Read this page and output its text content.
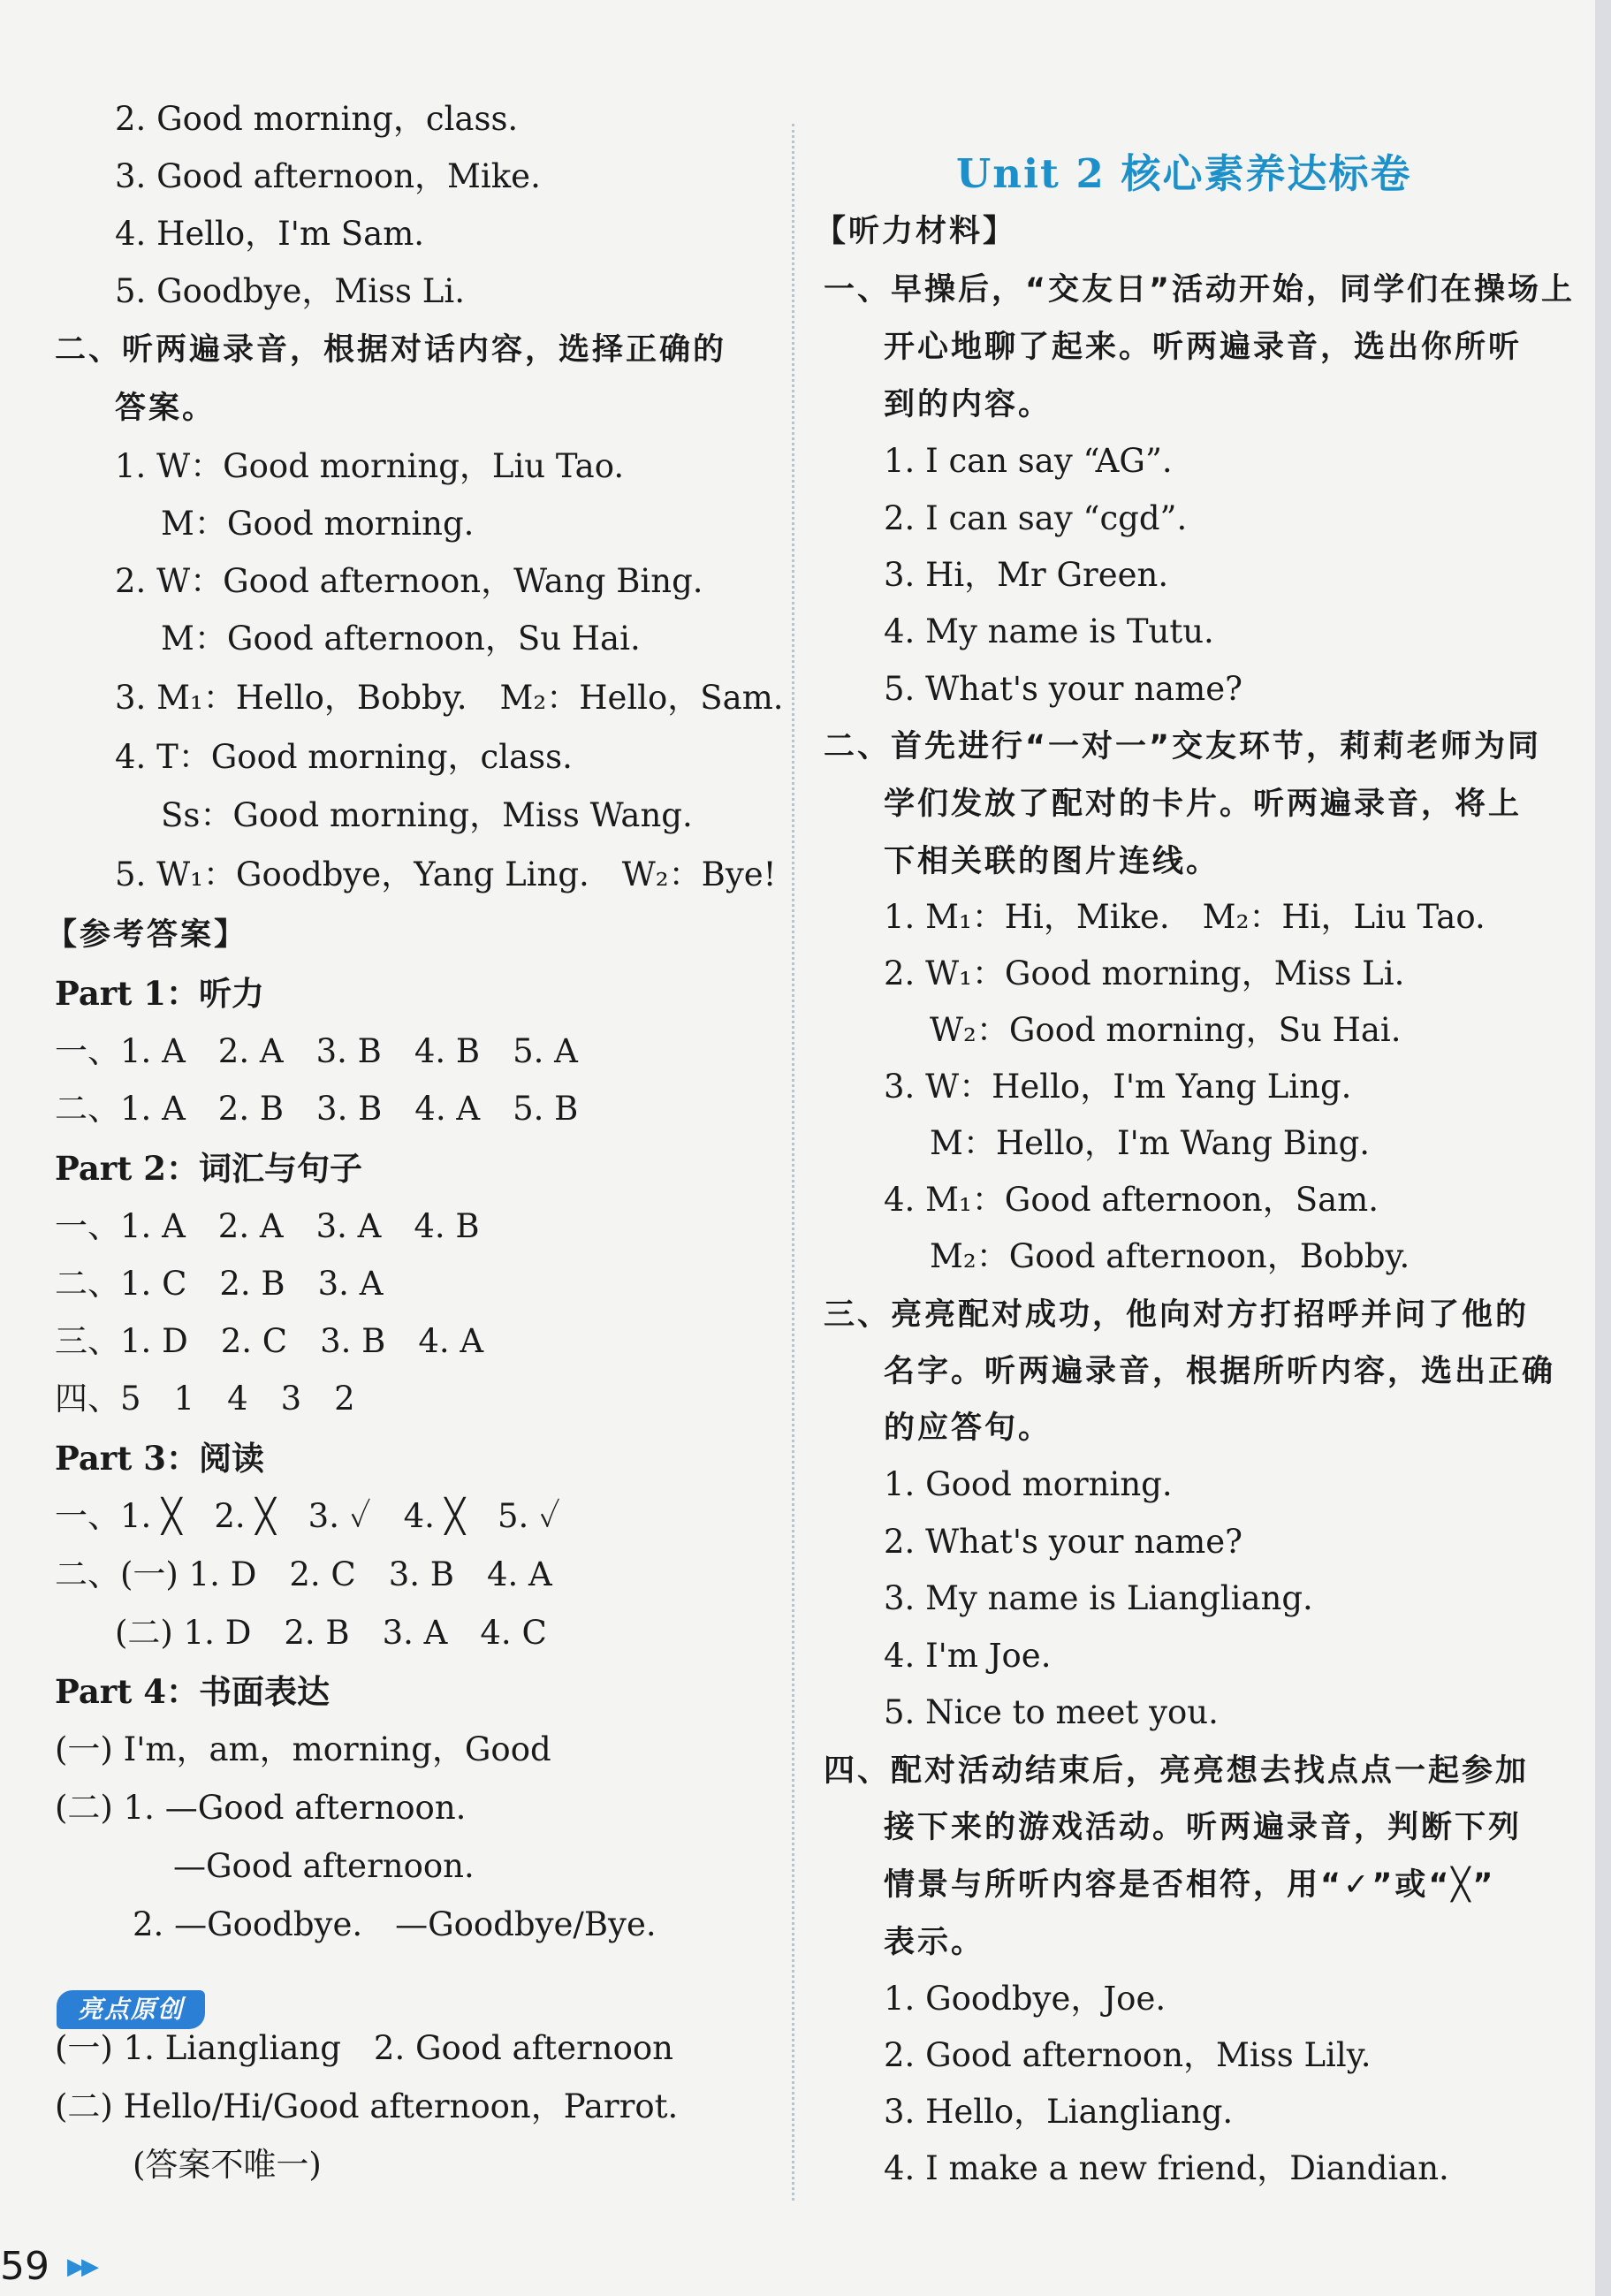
2. Good morning，class.
3. Good afternoon，Mike.
4. Hello，I'm Sam.
5. Goodbye，Miss Li.
二、听两遍录音，根据对话内容，选择正确的
答案。
1. W：Good morning，Liu Tao.
M：Good morning.
2. W：Good afternoon，Wang Bing.
M：Good afternoon，Su Hai.
3. M₁：Hello，Bobby.　M₂：Hello，Sam.
4. T：Good morning，class.
Ss：Good morning，Miss Wang.
5. W₁：Goodbye，Yang Ling.　W₂：Bye!
【参考答案】
Part 1：听力
一、1. A　2. A　3. B　4. B　5. A
二、1. A　2. B　3. B　4. A　5. B
Part 2：词汇与句子
一、1. A　2. A　3. A　4. B
二、1. C　2. B　3. A
三、1. D　2. C　3. B　4. A
四、5　1　4　3　2
Part 3：阅读
一、1. ╳　2. ╳　3. ✓　4. ╳　5. ✓
二、(一) 1. D　2. C　3. B　4. A
(二) 1. D　2. B　3. A　4. C
Part 4：书面表达
(一) I'm，am，morning，Good
(二) 1. —Good afternoon.
—Good afternoon.
2. —Goodbye.　—Goodbye/Bye.
(一) 1. Liangliang　2. Good afternoon
(二) Hello/Hi/Good afternoon，Parrot.
(答案不唯一)
Unit 2 核心素养达标卷
【听力材料】
一、早操后，“交友日”活动开始，同学们在操场上
开心地聊了起来。听两遍录音，选出你所听
到的内容。
1. I can say “AG”.
2. I can say “cgd”.
3. Hi，Mr Green.
4. My name is Tutu.
5. What's your name?
二、首先进行“一对一”交友环节，莉莉老师为同
学们发放了配对的卡片。听两遍录音，将上
下相关联的图片连线。
1. M₁：Hi，Mike.　M₂：Hi，Liu Tao.
2. W₁：Good morning，Miss Li.
W₂：Good morning，Su Hai.
3. W：Hello，I'm Yang Ling.
M：Hello，I'm Wang Bing.
4. M₁：Good afternoon，Sam.
M₂：Good afternoon，Bobby.
三、亮亮配对成功，他向对方打招呼并问了他的
名字。听两遍录音，根据所听内容，选出正确
的应答句。
1. Good morning.
2. What's your name?
3. My name is Liangliang.
4. I'm Joe.
5. Nice to meet you.
四、配对活动结束后，亮亮想去找点点一起参加
接下来的游戏活动。听两遍录音，判断下列
情景与所听内容是否相符，用“✓”或“╳”
表示。
1. Goodbye，Joe.
2. Good afternoon，Miss Lily.
3. Hello，Liangliang.
4. I make a new friend，Diandian.
亮点原创
59 ▶▶
